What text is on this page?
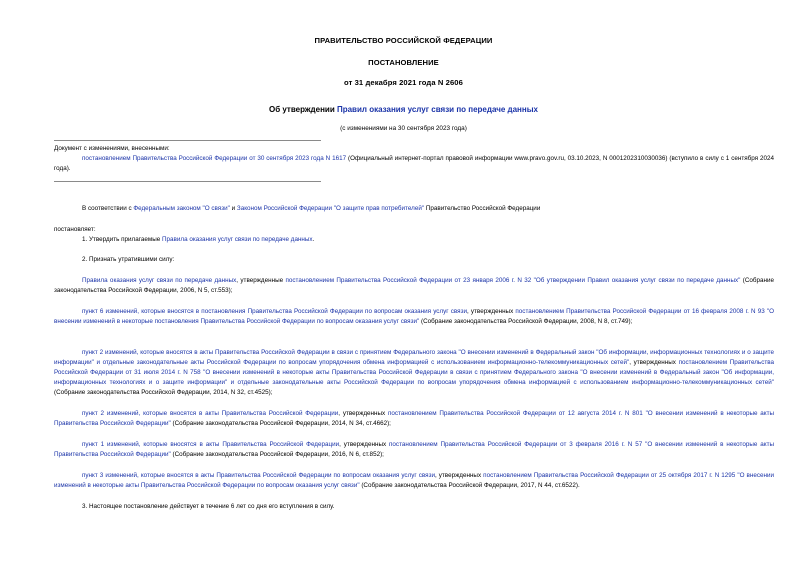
ПРАВИТЕЛЬСТВО РОССИЙСКОЙ ФЕДЕРАЦИИ
ПОСТАНОВЛЕНИЕ
от 31 декабря 2021 года N 2606
Об утверждении Правил оказания услуг связи по передаче данных
(с изменениями на 30 сентября 2023 года)
Документ с изменениями, внесенными:
постановлением Правительства Российской Федерации от 30 сентября 2023 года N 1617 (Официальный интернет-портал правовой информации www.pravo.gov.ru, 03.10.2023, N 0001202310030036) (вступило в силу с 1 сентября 2024 года).
В соответствии с Федеральным законом "О связи" и Законом Российской Федерации "О защите прав потребителей" Правительство Российской Федерации
постановляет:
1. Утвердить прилагаемые Правила оказания услуг связи по передаче данных.
2. Признать утратившими силу:
Правила оказания услуг связи по передаче данных, утвержденные постановлением Правительства Российской Федерации от 23 января 2006 г. N 32 "Об утверждении Правил оказания услуг связи по передаче данных" (Собрание законодательства Российской Федерации, 2006, N 5, ст.553);
пункт 6 изменений, которые вносятся в постановления Правительства Российской Федерации по вопросам оказания услуг связи, утвержденных постановлением Правительства Российской Федерации от 16 февраля 2008 г. N 93 "О внесении изменений в некоторые постановления Правительства Российской Федерации по вопросам оказания услуг связи" (Собрание законодательства Российской Федерации, 2008, N 8, ст.749);
пункт 2 изменений, которые вносятся в акты Правительства Российской Федерации в связи с принятием Федерального закона "О внесении изменений в Федеральный закон "Об информации, информационных технологиях и о защите информации" и отдельные законодательные акты Российской Федерации по вопросам упорядочения обмена информацией с использованием информационно-телекоммуникационных сетей", утвержденных постановлением Правительства Российской Федерации от 31 июля 2014 г. N 758 "О внесении изменений в некоторые акты Правительства Российской Федерации в связи с принятием Федерального закона "О внесении изменений в Федеральный закон "Об информации, информационных технологиях и о защите информации" и отдельные законодательные акты Российской Федерации по вопросам упорядочения обмена информацией с использованием информационно-телекоммуникационных сетей" (Собрание законодательства Российской Федерации, 2014, N 32, ст.4525);
пункт 2 изменений, которые вносятся в акты Правительства Российской Федерации, утвержденных постановлением Правительства Российской Федерации от 12 августа 2014 г. N 801 "О внесении изменений в некоторые акты Правительства Российской Федерации" (Собрание законодательства Российской Федерации, 2014, N 34, ст.4662);
пункт 1 изменений, которые вносятся в акты Правительства Российской Федерации, утвержденных постановлением Правительства Российской Федерации от 3 февраля 2016 г. N 57 "О внесении изменений в некоторые акты Правительства Российской Федерации" (Собрание законодательства Российской Федерации, 2016, N 6, ст.852);
пункт 3 изменений, которые вносятся в акты Правительства Российской Федерации по вопросам оказания услуг связи, утвержденных постановлением Правительства Российской Федерации от 25 октября 2017 г. N 1295 "О внесении изменений в некоторые акты Правительства Российской Федерации по вопросам оказания услуг связи" (Собрание законодательства Российской Федерации, 2017, N 44, ст.6522).
3. Настоящее постановление действует в течение 6 лет со дня его вступления в силу.
